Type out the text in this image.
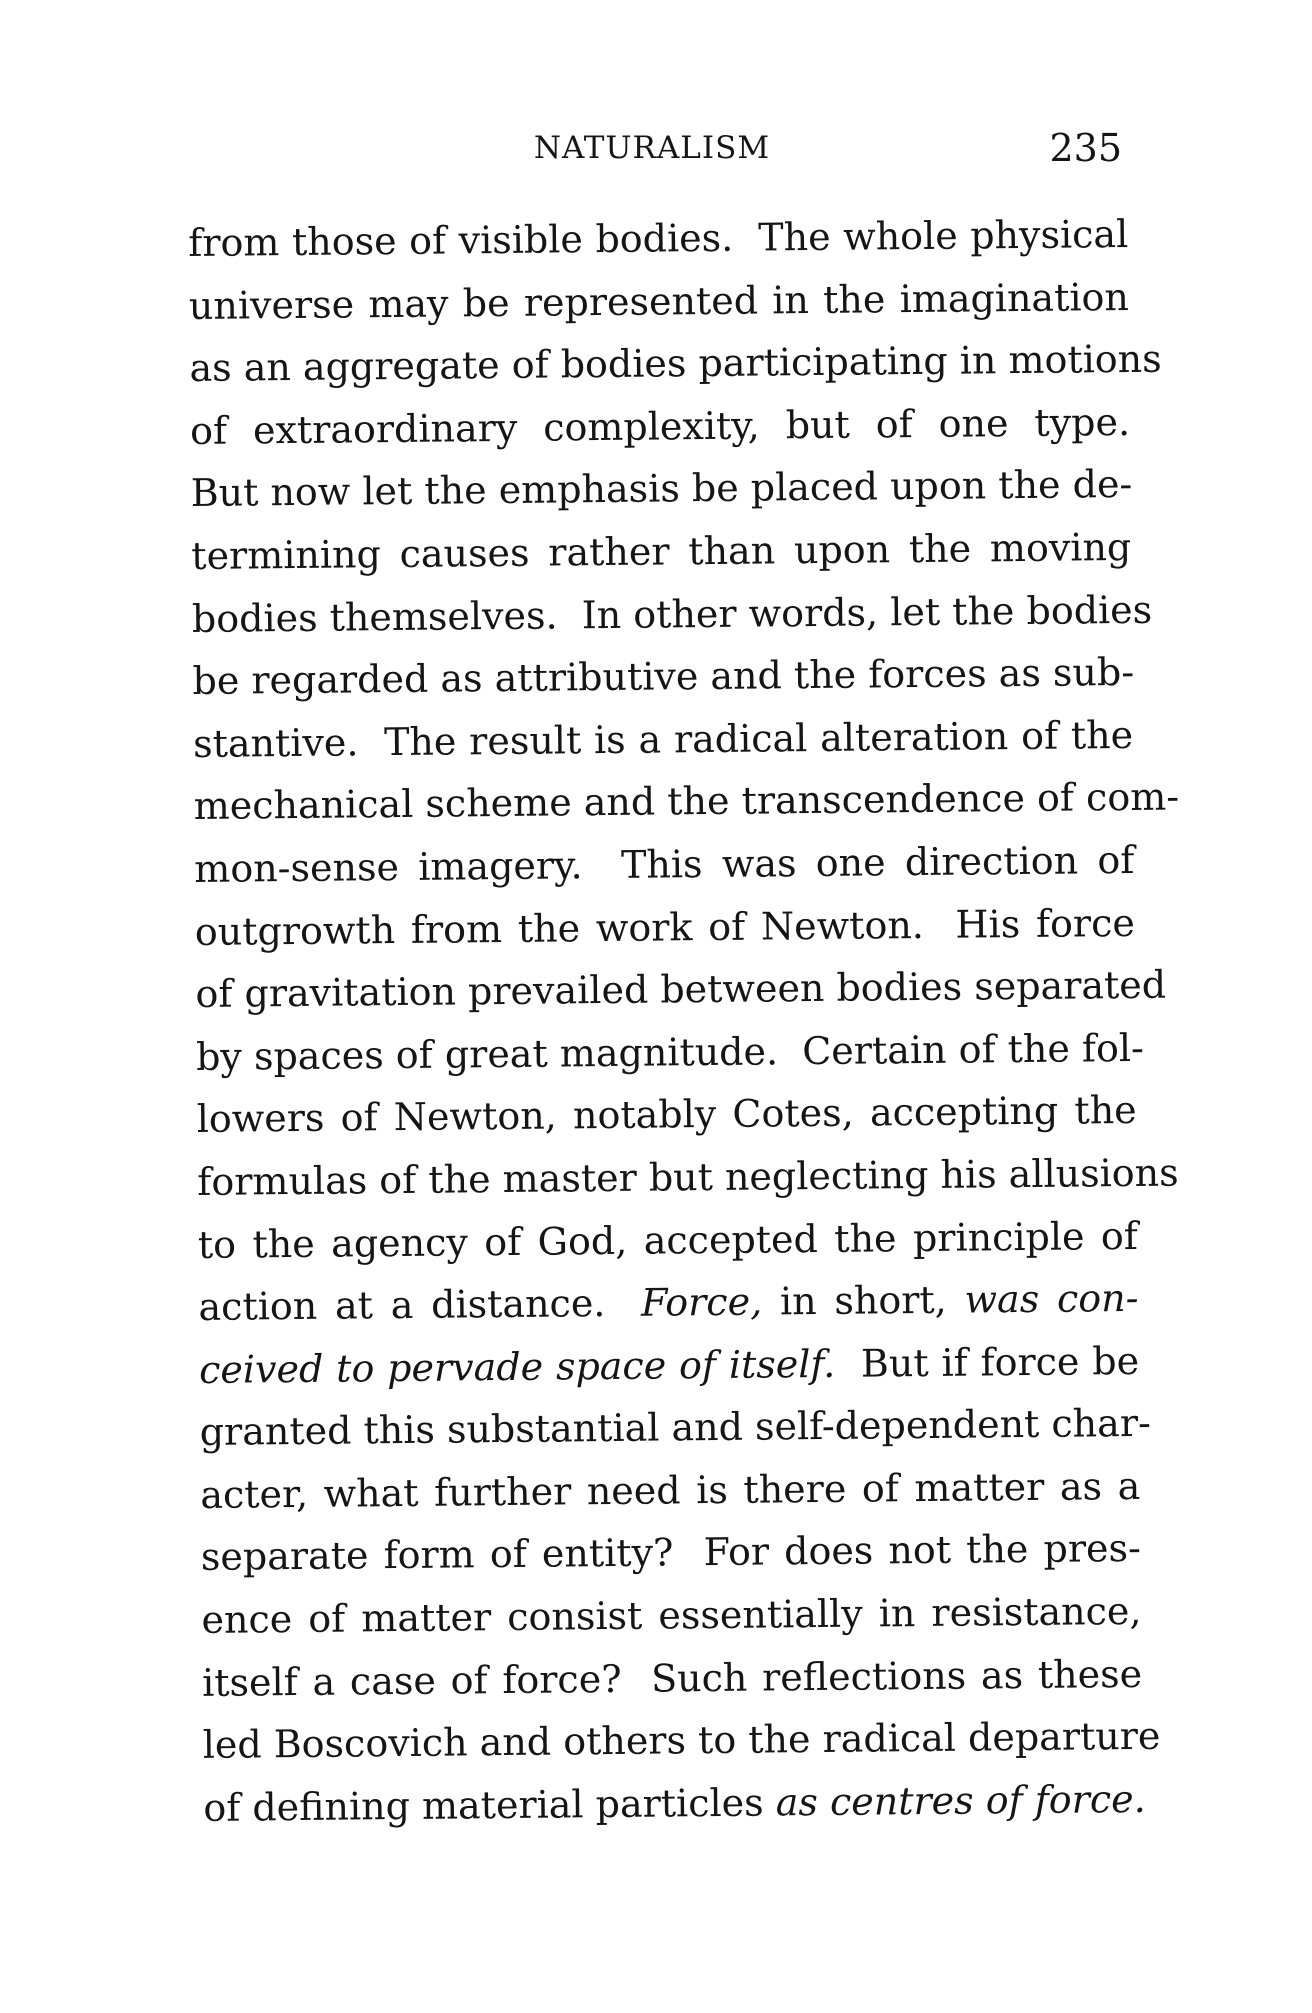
NATURALISM	235
from those of visible bodies.  The whole physical
universe may be represented in the imagination
as an aggregate of bodies participating in motions
of extraordinary complexity, but of one type.
But now let the emphasis be placed upon the de-
termining causes rather than upon the moving
bodies themselves.  In other words, let the bodies
be regarded as attributive and the forces as sub-
stantive.  The result is a radical alteration of the
mechanical scheme and the transcendence of com-
mon-sense imagery.  This was one direction of
outgrowth from the work of Newton.  His force
of gravitation prevailed between bodies separated
by spaces of great magnitude.  Certain of the fol-
lowers of Newton, notably Cotes, accepting the
formulas of the master but neglecting his allusions
to the agency of God, accepted the principle of
action at a distance.  Force, in short, was con-
ceived to pervade space of itself.  But if force be
granted this substantial and self-dependent char-
acter, what further need is there of matter as a
separate form of entity?  For does not the pres-
ence of matter consist essentially in resistance,
itself a case of force?  Such reflections as these
led Boscovich and others to the radical departure
of defining material particles as centres of force.
